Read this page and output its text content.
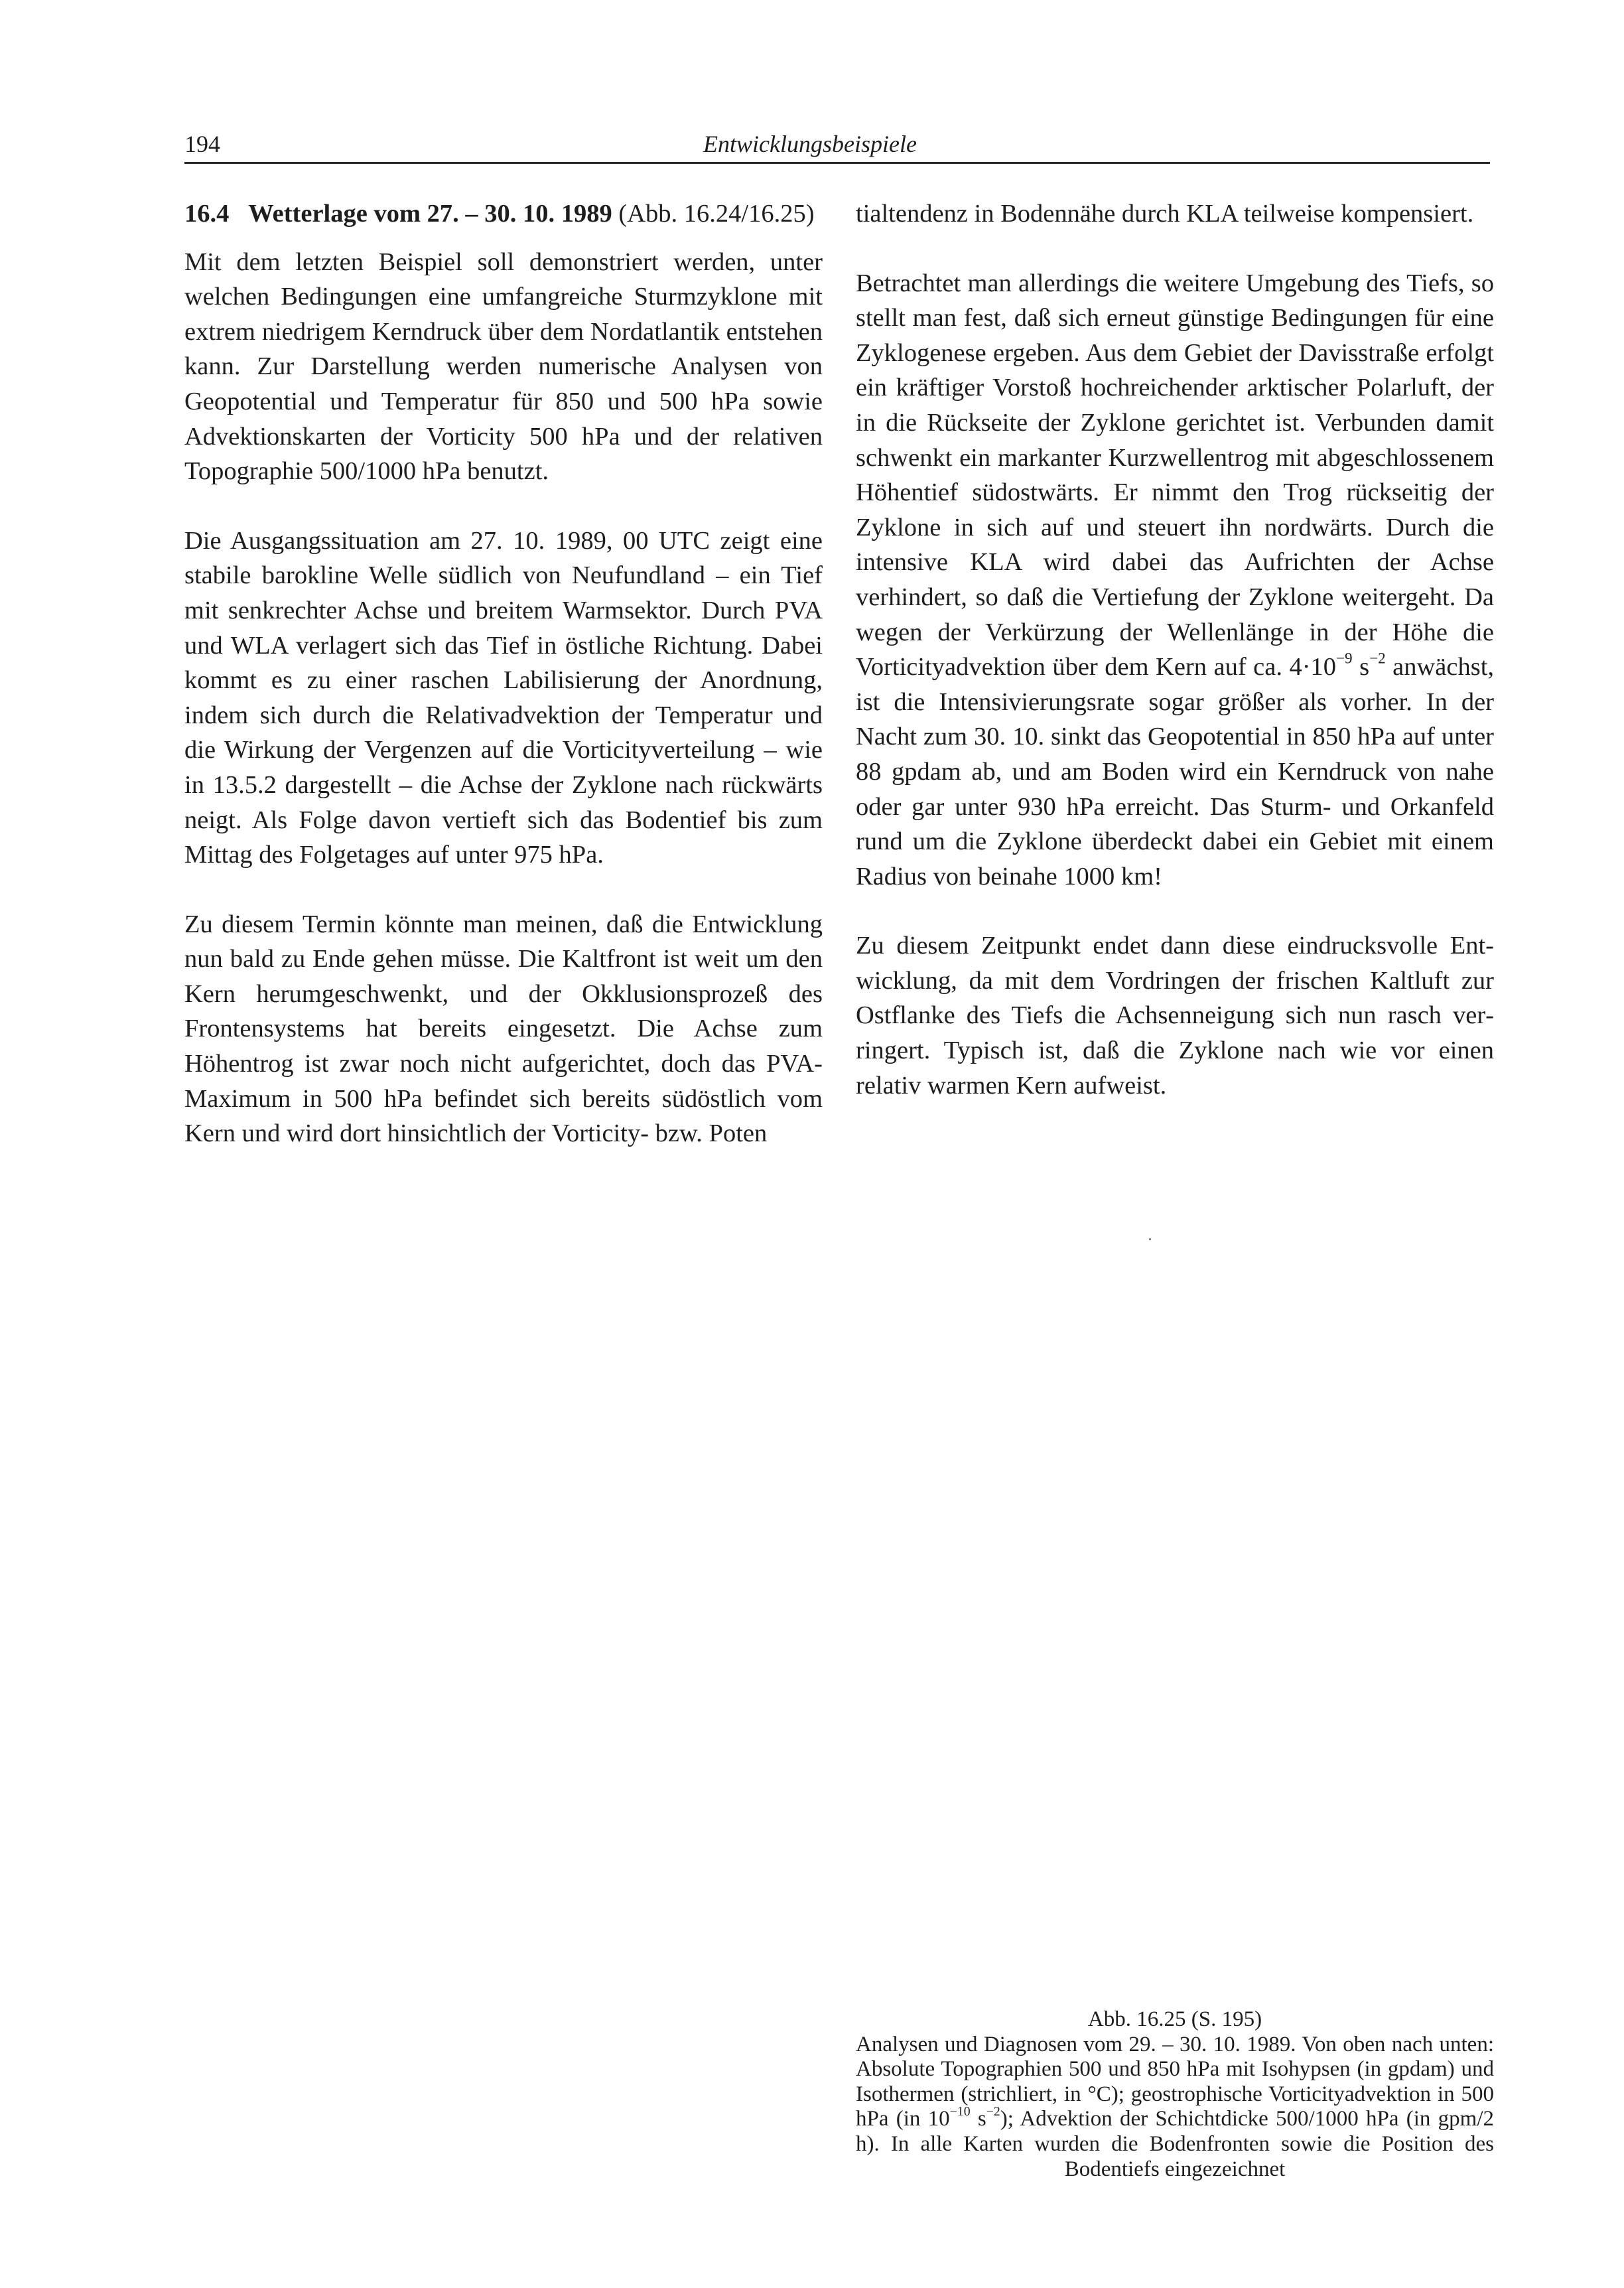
194	Entwicklungsbeispiele
16.4 Wetterlage vom 27. – 30. 10. 1989 (Abb. 16.24/16.25)

Mit dem letzten Beispiel soll demonstriert werden, unter welchen Bedingungen eine umfangreiche Sturmzyklone mit extrem niedrigem Kerndruck über dem Nordatlantik entstehen kann. Zur Darstellung werden numerische Analysen von Geopotential und Temperatur für 850 und 500 hPa sowie Advektionskarten der Vorticity 500 hPa und der relativen Topographie 500/1000 hPa benutzt.

Die Ausgangssituation am 27. 10. 1989, 00 UTC zeigt eine stabile barokline Welle südlich von Neufundland – ein Tief mit senkrechter Achse und breitem Warmsektor. Durch PVA und WLA verlagert sich das Tief in östliche Richtung. Dabei kommt es zu einer raschen Labilisierung der Anordnung, indem sich durch die Relativadvektion der Temperatur und die Wirkung der Vergenzen auf die Vorticityverteilung – wie in 13.5.2 dargestellt – die Achse der Zyklone nach rückwärts neigt. Als Folge davon vertieft sich das Bodentief bis zum Mittag des Folgetages auf unter 975 hPa.

Zu diesem Termin könnte man meinen, daß die Entwicklung nun bald zu Ende gehen müsse. Die Kaltfront ist weit um den Kern herumgeschwenkt, und der Okklusionsprozeß des Frontensystems hat bereits eingesetzt. Die Achse zum Höhentrog ist zwar noch nicht aufgerichtet, doch das PVA-Maximum in 500 hPa befindet sich bereits südöstlich vom Kern und wird dort hinsichtlich der Vorticity- bzw. Poten

tialtendenz in Bodennähe durch KLA teilweise kompensiert.

Betrachtet man allerdings die weitere Umgebung des Tiefs, so stellt man fest, daß sich erneut günstige Bedingungen für eine Zyklogenese ergeben. Aus dem Gebiet der Davisstraße erfolgt ein kräftiger Vorstoß hochreichender arktischer Polarluft, der in die Rückseite der Zyklone gerichtet ist. Verbunden damit schwenkt ein markanter Kurzwellentrog mit abgeschlossenem Höhentief südostwärts. Er nimmt den Trog rückseitig der Zyklone in sich auf und steuert ihn nordwärts. Durch die intensive KLA wird dabei das Aufrichten der Achse verhindert, so daß die Vertiefung der Zyklone weitergeht. Da wegen der Verkürzung der Wellenlänge in der Höhe die Vorticityadvektion über dem Kern auf ca. $4\cdot 10^{-9}$ $s^{-2}$ anwächst, ist die Intensivierungsrate sogar größer als vorher. In der Nacht zum 30. 10. sinkt das Geopotential in 850 hPa auf unter 88 gpdam ab, und am Boden wird ein Kerndruck von nahe oder gar unter 930 hPa erreicht. Das Sturm- und Orkanfeld rund um die Zyklone überdeckt dabei ein Gebiet mit einem Radius von beinahe 1000 km!

Zu diesem Zeitpunkt endet dann diese eindrucksvolle Entwicklung, da mit dem Vordringen der frischen Kaltluft zur Ostflanke des Tiefs die Achsenneigung sich nun rasch verringert. Typisch ist, daß die Zyklone nach wie vor einen relativ warmen Kern aufweist.

Abb. 16.25 (S. 195)
Analysen und Diagnosen vom 29. – 30. 10. 1989. Von oben nach unten: Absolute Topographien 500 und 850 hPa mit Isohypsen (in gpdam) und Isothermen (strichliert, in °C); geostrophische Vorticityadvektion in 500 hPa (in $10^{-10}$ $s^{-2}$); Advektion der Schichtdicke 500/1000 hPa (in gpm/2 h). In alle Karten wurden die Bodenfronten sowie die Position des Bodentiefs eingezeichnet
